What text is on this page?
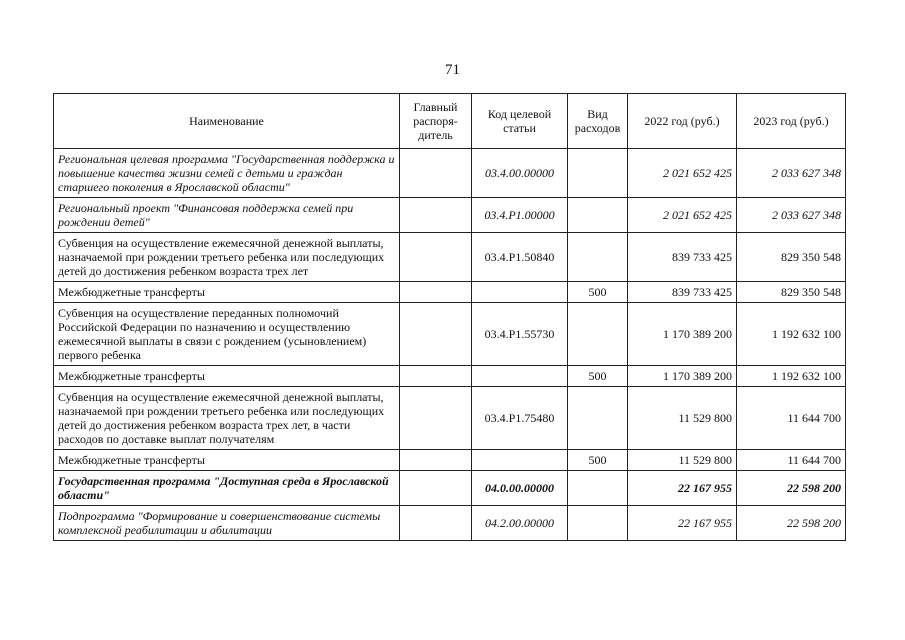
71
Наименование	Главный распоря-дитель	Код целевой статьи	Вид расходов	2022 год (руб.)	2023 год (руб.)
Региональная целевая программа "Государственная поддержка и повышение качества жизни семей с детьми и граждан старшего поколения в Ярославской области"		03.4.00.00000		2 021 652 425	2 033 627 348
Региональный проект "Финансовая поддержка семей при рождении детей"		03.4.P1.00000		2 021 652 425	2 033 627 348
Субвенция на осуществление ежемесячной денежной выплаты, назначаемой при рождении третьего ребенка или последующих детей до достижения ребенком возраста трех лет		03.4.P1.50840		839 733 425	829 350 548
Межбюджетные трансферты			500	839 733 425	829 350 548
Субвенция на осуществление переданных полномочий Российской Федерации по назначению и осуществлению ежемесячной выплаты в связи с рождением (усыновлением) первого ребенка		03.4.P1.55730		1 170 389 200	1 192 632 100
Межбюджетные трансферты			500	1 170 389 200	1 192 632 100
Субвенция на осуществление ежемесячной денежной выплаты, назначаемой при рождении третьего ребенка или последующих детей до достижения ребенком возраста трех лет, в части расходов по доставке выплат получателям		03.4.P1.75480		11 529 800	11 644 700
Межбюджетные трансферты			500	11 529 800	11 644 700
Государственная программа "Доступная среда в Ярославской области"		04.0.00.00000		22 167 955	22 598 200
Подпрограмма "Формирование и совершенствование системы комплексной реабилитации и абилитации		04.2.00.00000		22 167 955	22 598 200
